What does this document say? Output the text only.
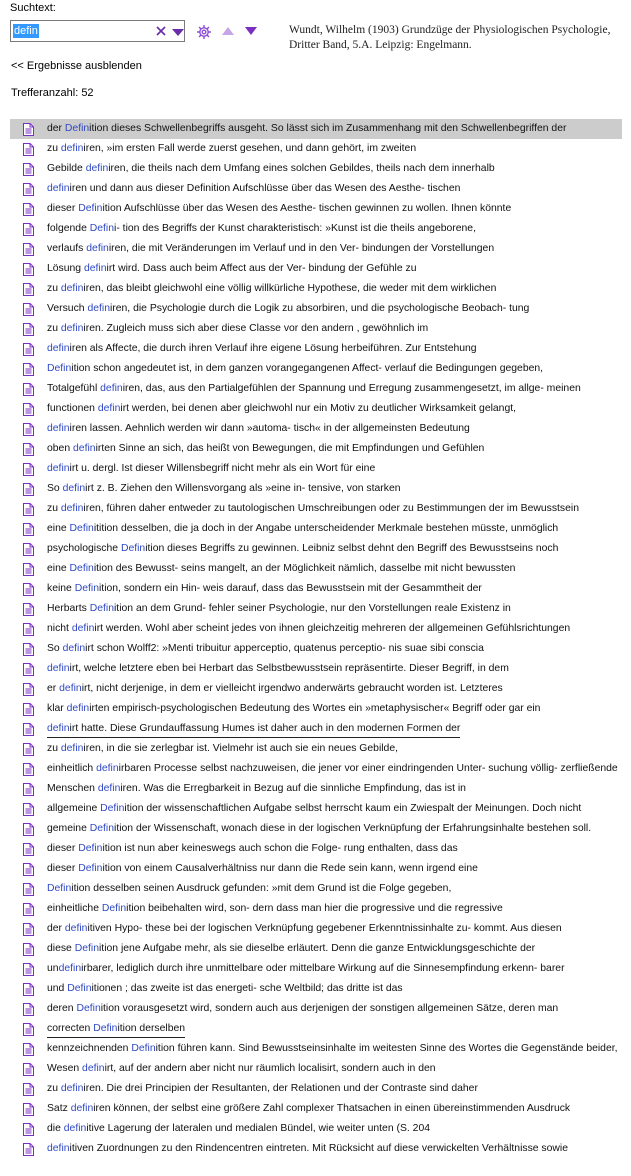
Suchtext:
defin	Wundt, Wilhelm (1903) Grundzüge der Physiologischen Psychologie, Dritter Band, 5.A. Leipzig: Engelmann.
<< Ergebnisse ausblenden
Trefferanzahl: 52
der Definition dieses Schwellenbegriffs ausgeht. So lässt sich im Zusammenhang mit den Schwellenbegriffen der
zu definiren, »im ersten Fall werde zuerst gesehen, und dann gehört, im zweiten
Gebilde definiren, die theils nach dem Umfang eines solchen Gebildes, theils nach dem innerhalb
definiren und dann aus dieser Definition Aufschlüsse über das Wesen des Aesthe- tischen
dieser Definition Aufschlüsse über das Wesen des Aesthe- tischen gewinnen zu wollen. Ihnen könnte
folgende Defini- tion des Begriffs der Kunst charakteristisch: »Kunst ist die theils angeborene,
verlaufs definiren, die mit Veränderungen im Verlauf und in den Ver- bindungen der Vorstellungen
Lösung definirt wird. Dass auch beim Affect aus der Ver- bindung der Gefühle zu
zu definiren, das bleibt gleichwohl eine völlig willkürliche Hypothese, die weder mit dem wirklichen
Versuch definiren, die Psychologie durch die Logik zu absorbiren, und die psychologische Beobach- tung
zu definiren. Zugleich muss sich aber diese Classe vor den andern , gewöhnlich im
definiren als Affecte, die durch ihren Verlauf ihre eigene Lösung herbeiführen. Zur Entstehung
Definition schon angedeutet ist, in dem ganzen vorangegangenen Affect- verlauf die Bedingungen gegeben,
Totalgefühl definiren, das, aus den Partialgefühlen der Spannung und Erregung zusammengesetzt, im allge- meinen
functionen definirt werden, bei denen aber gleichwohl nur ein Motiv zu deutlicher Wirksamkeit gelangt,
definiren lassen. Aehnlich werden wir dann »automa- tisch« in der allgemeinsten Bedeutung
oben definirten Sinne an sich, das heißt von Bewegungen, die mit Empfindungen und Gefühlen
definirt u. dergl. Ist dieser Willensbegriff nicht mehr als ein Wort für eine
So definirt z. B. Ziehen den Willensvorgang als »eine in- tensive, von starken
zu definiren, führen daher entweder zu tautologischen Umschreibungen oder zu Bestimmungen der im Bewusstsein
eine Definitition desselben, die ja doch in der Angabe unterscheidender Merkmale bestehen müsste, unmöglich
psychologische Definition dieses Begriffs zu gewinnen. Leibniz selbst dehnt den Begriff des Bewusstseins noch
eine Definition des Bewusst- seins mangelt, an der Möglichkeit nämlich, dasselbe mit nicht bewussten
keine Definition, sondern ein Hin- weis darauf, dass das Bewusstsein mit der Gesammtheit der
Herbarts Definition an dem Grund- fehler seiner Psychologie, nur den Vorstellungen reale Existenz in
nicht definirt werden. Wohl aber scheint jedes von ihnen gleichzeitig mehreren der allgemeinen Gefühlsrichtungen
So definirt schon Wolff2: »Menti tribuitur apperceptio, quatenus perceptio- nis suae sibi conscia
definirt, welche letztere eben bei Herbart das Selbstbewusstsein repräsentirte. Dieser Begriff, in dem
er definirt, nicht derjenige, in dem er vielleicht irgendwo anderwärts gebraucht worden ist. Letzteres
klar definirten empirisch-psychologischen Bedeutung des Wortes ein »metaphysischer« Begriff oder gar ein
definirt hatte. Diese Grundauffassung Humes ist daher auch in den modernen Formen der
zu definiren, in die sie zerlegbar ist. Vielmehr ist auch sie ein neues Gebilde,
einheitlich definirbaren Processe selbst nachzuweisen, die jener vor einer eindringenden Unter- suchung völlig- zerfließende
Menschen definiren. Was die Erregbarkeit in Bezug auf die sinnliche Empfindung, das ist in
allgemeine Definition der wissenschaftlichen Aufgabe selbst herrscht kaum ein Zwiespalt der Meinungen. Doch nicht
gemeine Definition der Wissenschaft, wonach diese in der logischen Verknüpfung der Erfahrungsinhalte bestehen soll.
dieser Definition ist nun aber keineswegs auch schon die Folge- rung enthalten, dass das
dieser Definition von einem Causalverhältniss nur dann die Rede sein kann, wenn irgend eine
Definition desselben seinen Ausdruck gefunden: »mit dem Grund ist die Folge gegeben,
einheitliche Definition beibehalten wird, son- dern dass man hier die progressive und die regressive
der definitiven Hypo- these bei der logischen Verknüpfung gegebener Erkenntnissinhalte zu- kommt. Aus diesen
diese Definition jene Aufgabe mehr, als sie dieselbe erläutert. Denn die ganze Entwicklungsgeschichte der
undefinirbarer, lediglich durch ihre unmittelbare oder mittelbare Wirkung auf die Sinnesempfindung erkenn- barer
und Definitionen ; das zweite ist das energeti- sche Weltbild; das dritte ist das
deren Definition vorausgesetzt wird, sondern auch aus derjenigen der sonstigen allgemeinen Sätze, deren man
correcten Definition derselben
kennzeichnenden Definition führen kann. Sind Bewusstseinsinhalte im weitesten Sinne des Wortes die Gegenstände beider,
Wesen definirt, auf der andern aber nicht nur räumlich localisirt, sondern auch in den
zu definiren. Die drei Principien der Resultanten, der Relationen und der Contraste sind daher
Satz definiren können, der selbst eine größere Zahl complexer Thatsachen in einen übereinstimmenden Ausdruck
die definitive Lagerung der lateralen und medialen Bündel, wie weiter unten (S. 204
definitiven Zuordnungen zu den Rindencentren eintreten. Mit Rücksicht auf diese verwickelten Verhältnisse sowie
